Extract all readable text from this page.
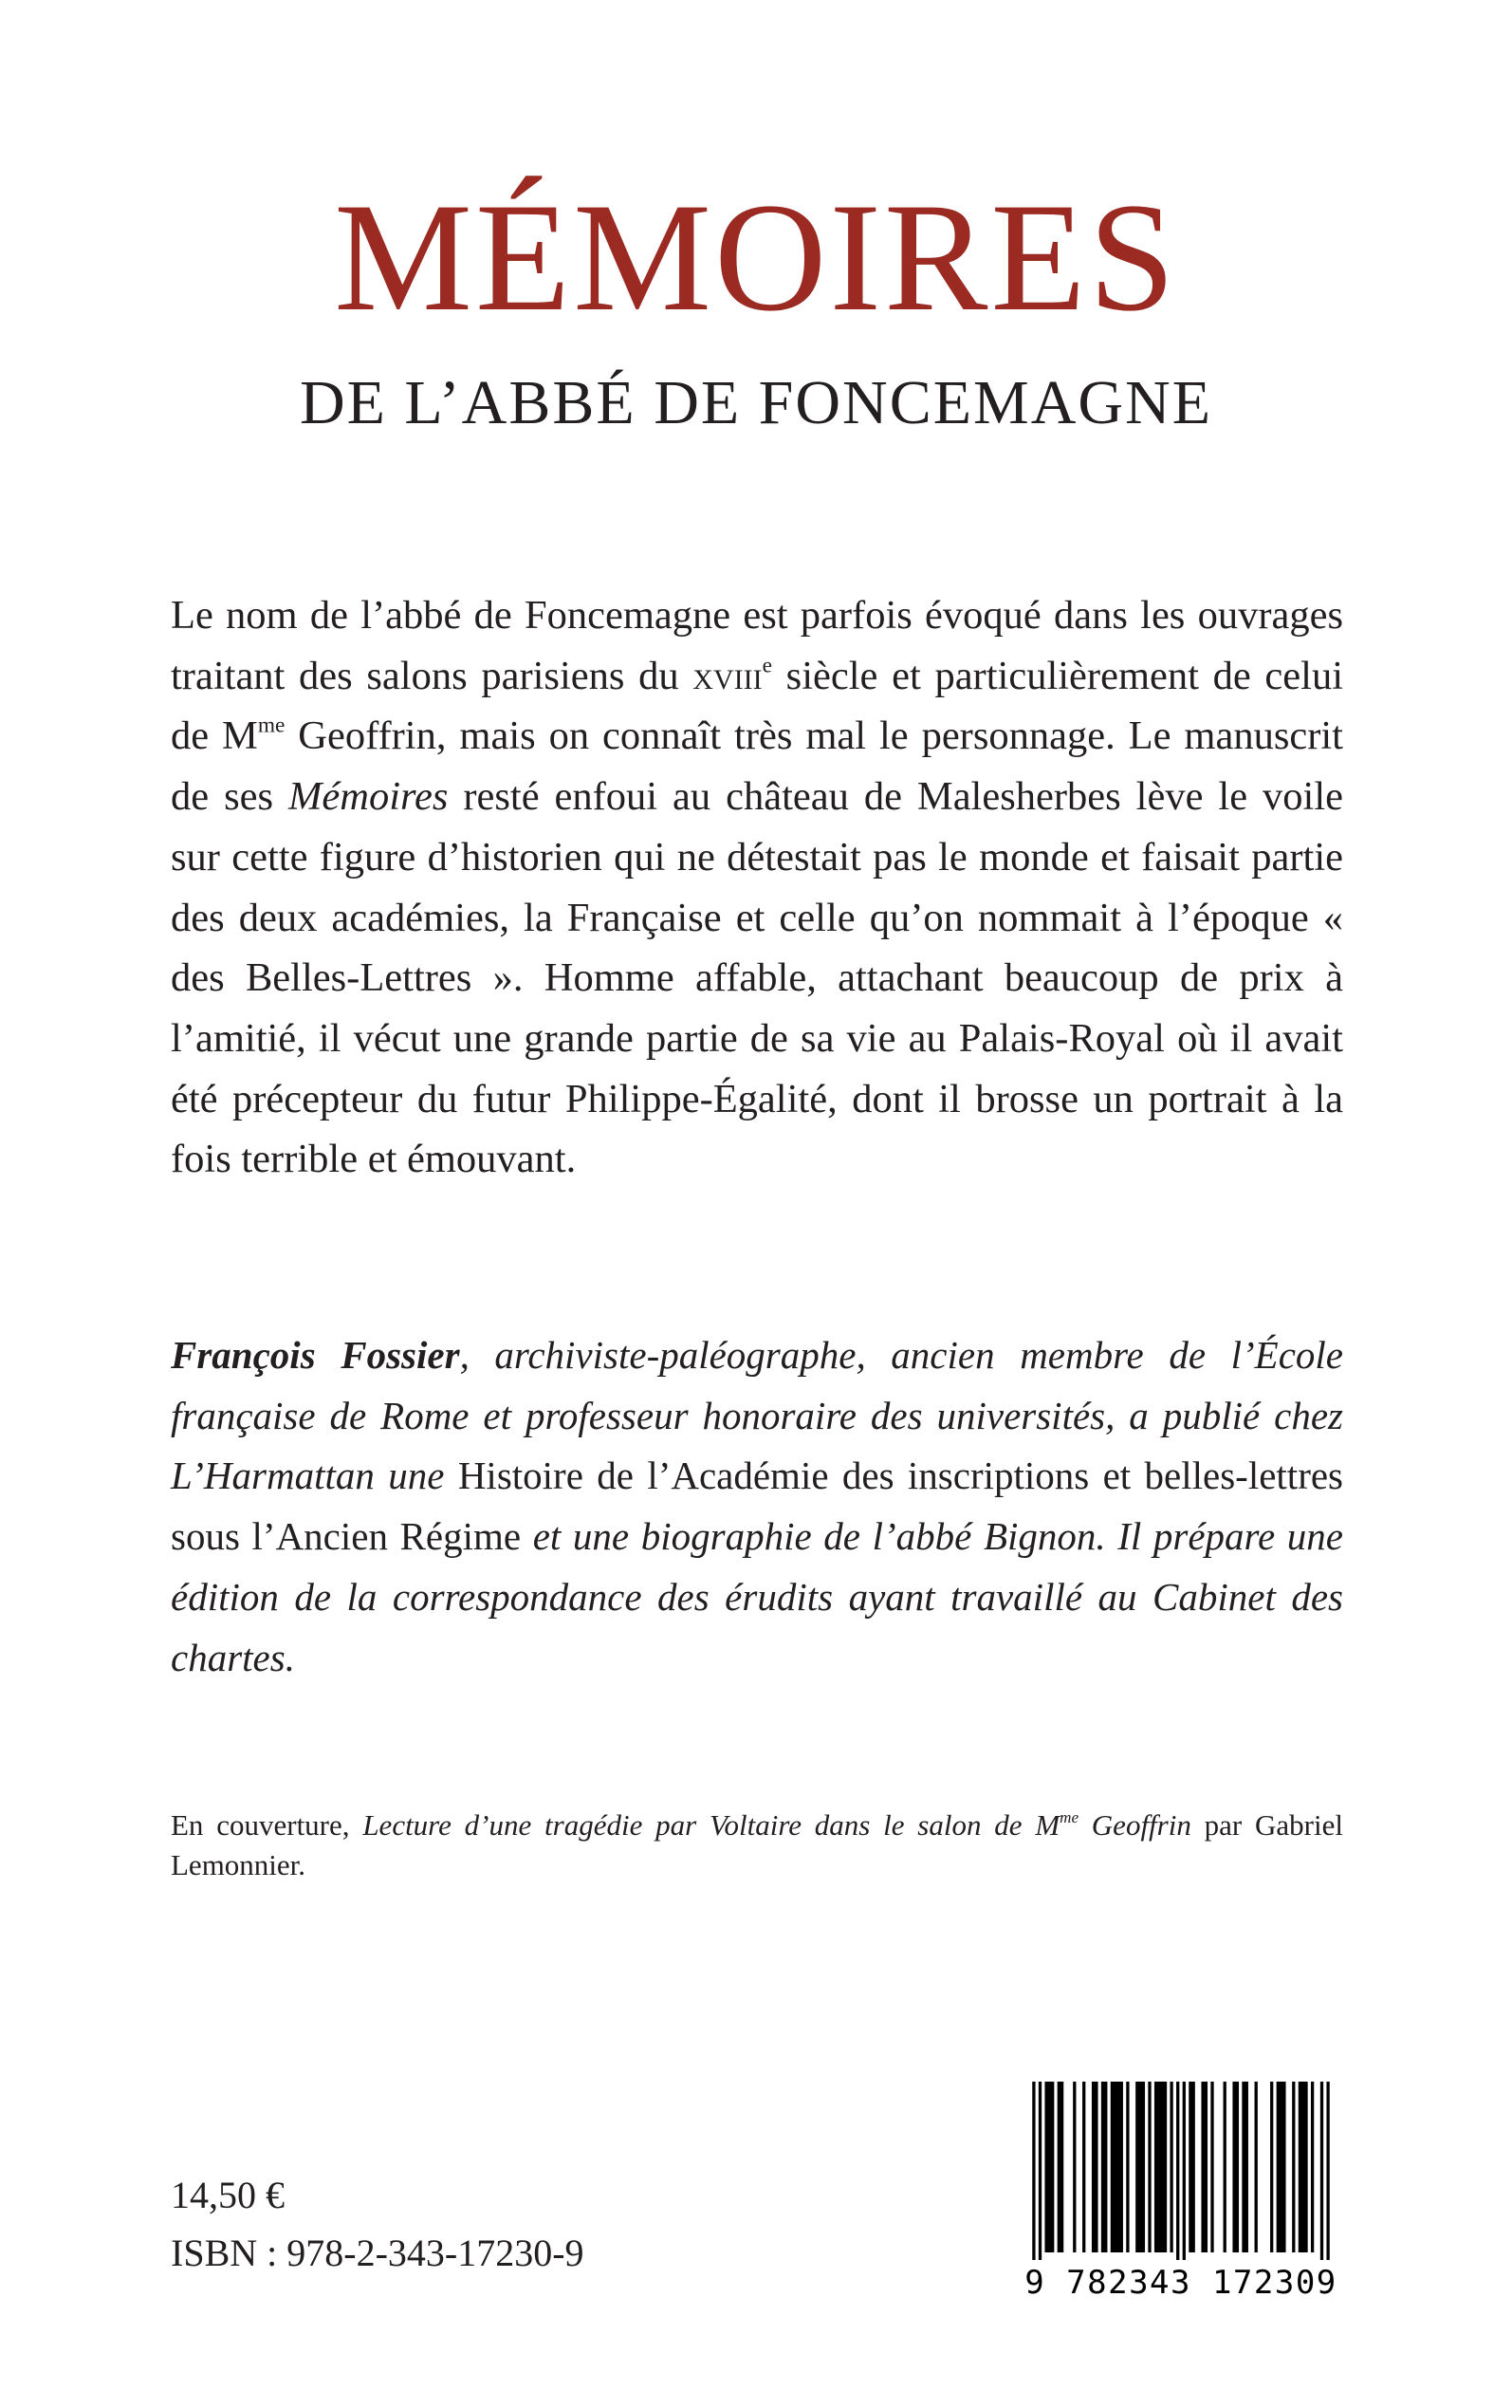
MÉMOIRES
DE L’ABBÉ DE FONCEMAGNE

Le nom de l’abbé de Foncemagne est parfois évoqué dans les ouvrages traitant des salons parisiens du xviii$^e$ siècle et particulièrement de celui de $M^{me}$ Geoffrin, mais on connaît très mal le personnage. Le manuscrit de ses Mémoires resté enfoui au château de Malesherbes lève le voile sur cette figure d’historien qui ne détestait pas le monde et faisait partie des deux académies, la Française et celle qu’on nommait à l’époque « des Belles-Lettres ». Homme affable, attachant beaucoup de prix à l’amitié, il vécut une grande partie de sa vie au Palais-Royal où il avait été précepteur du futur Philippe-Égalité, dont il brosse un portrait à la fois terrible et émouvant.

François Fossier, archiviste-paléographe, ancien membre de l’École française de Rome et professeur honoraire des universités, a publié chez L’Harmattan une Histoire de l’Académie des inscriptions et belles-lettres sous l’Ancien Régime et une biographie de l’abbé Bignon. Il prépare une édition de la correspondance des érudits ayant travaillé au Cabinet des chartes.

En couverture, Lecture d’une tragédie par Voltaire dans le salon de $M^{me}$ Geoffrin par Gabriel Lemonnier.

14,50 €
ISBN : 978-2-343-17230-9
9 782343 172309
